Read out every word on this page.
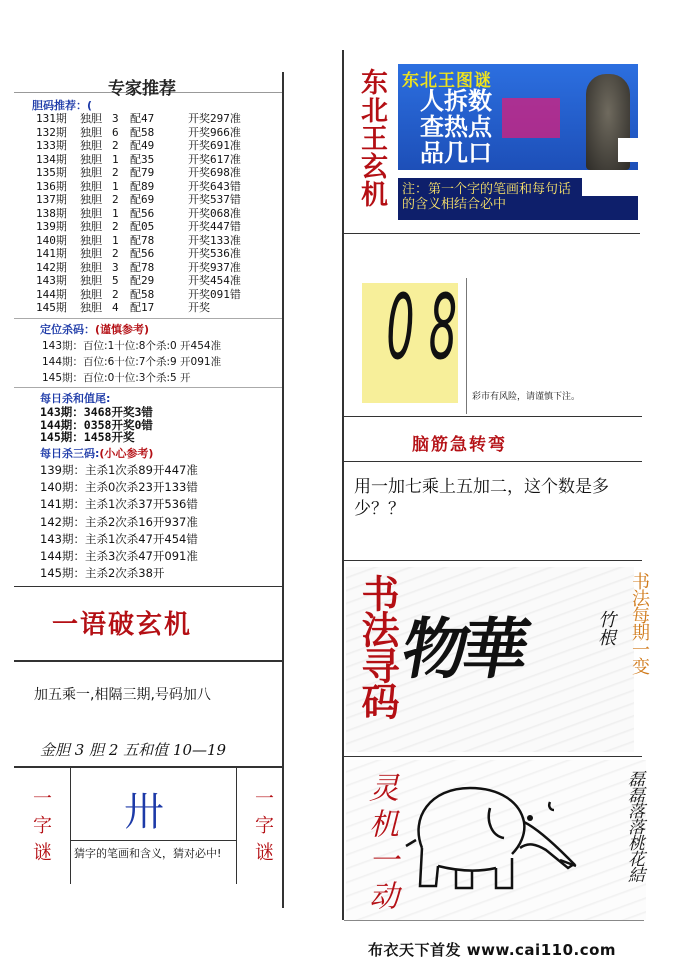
专家推荐
胆码推荐：(
131期 独胆 3 配47	开奖297准
132期 独胆 6 配58	开奖966准
133期 独胆 2 配49	开奖691准
134期 独胆 1 配35	开奖617准
135期 独胆 2 配79	开奖698准
136期 独胆 1 配89	开奖643错
137期 独胆 2 配69	开奖537错
138期 独胆 1 配56	开奖068准
139期 独胆 2 配05	开奖447错
140期 独胆 1 配78	开奖133准
141期 独胆 2 配56	开奖536准
142期 独胆 3 配78	开奖937准
143期 独胆 5 配29	开奖454准
144期 独胆 2 配58	开奖091错
145期 独胆 4 配17	开奖
定位杀码：(谨慎参考)
143期：百位:1十位:8个杀:0 开454准
144期：百位:6十位:7个杀:9 开091准
145期：百位:0十位:3个杀:5 开
每日杀和值尾:
143期：3468开奖3错
144期：0358开奖0错
145期：1458开奖
每日杀三码:(小心参考)
139期：主杀1次杀89开447准
140期：主杀0次杀23开133错
141期：主杀1次杀37开536错
142期：主杀2次杀16开937准
143期：主杀1次杀47开454错
144期：主杀3次杀47开091准
145期：主杀2次杀38开
一语破玄机
加五乘一,相隔三期,号码加八
金胆 3 胆 2 五和值 10—19
一字谜	一字谜
卅
猜字的笔画和含义，猜对必中!
东北王玄机 东北王图谜
人拆数
查热点
品几口
注：第一个字的笔画和每句话的含义相结合必中
0 8
彩市有风险，请谨慎下注。
脑筋急转弯
用一加七乘上五加二，这个数是多少？？
书法寻码
物華	竹根 书法每期一变
灵机一动	磊磊落落桃花結
布衣天下首发 www.cai110.com
